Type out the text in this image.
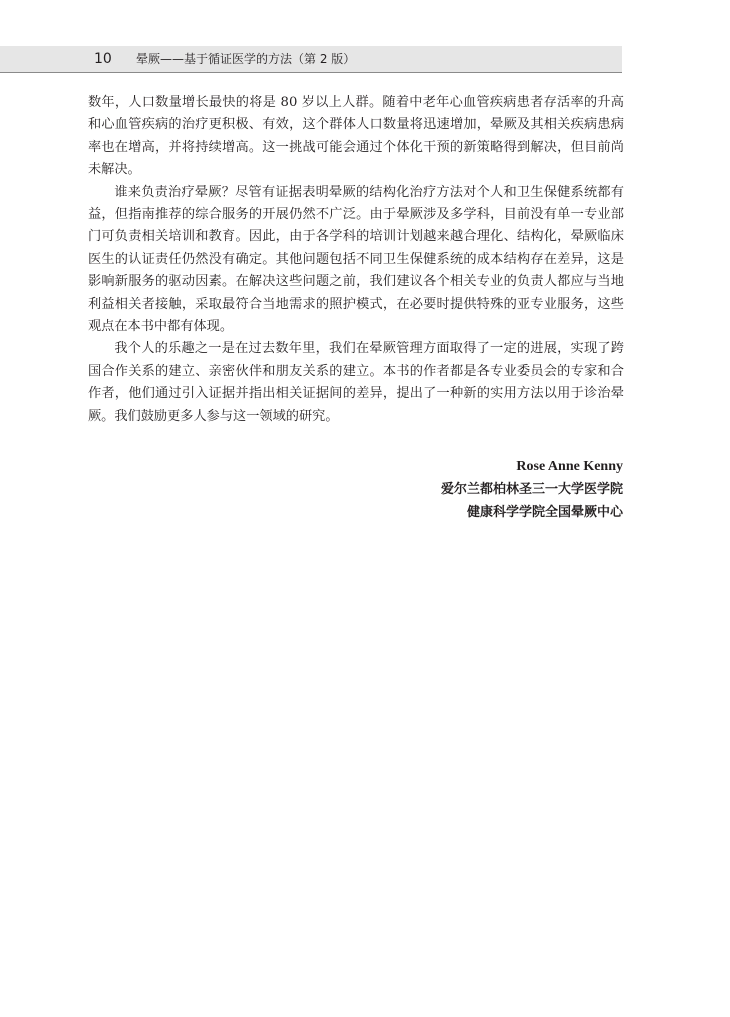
10 晕厥——基于循证医学的方法（第 2 版）

数年，人口数量增长最快的将是 80 岁以上人群。随着中老年心血管疾病患者存活率的升高和心血管疾病的治疗更积极、有效，这个群体人口数量将迅速增加，晕厥及其相关疾病患病率也在增高，并将持续增高。这一挑战可能会通过个体化干预的新策略得到解决，但目前尚未解决。

谁来负责治疗晕厥？尽管有证据表明晕厥的结构化治疗方法对个人和卫生保健系统都有益，但指南推荐的综合服务的开展仍然不广泛。由于晕厥涉及多学科，目前没有单一专业部门可负责相关培训和教育。因此，由于各学科的培训计划越来越合理化、结构化，晕厥临床医生的认证责任仍然没有确定。其他问题包括不同卫生保健系统的成本结构存在差异，这是影响新服务的驱动因素。在解决这些问题之前，我们建议各个相关专业的负责人都应与当地利益相关者接触，采取最符合当地需求的照护模式，在必要时提供特殊的亚专业服务，这些观点在本书中都有体现。

我个人的乐趣之一是在过去数年里，我们在晕厥管理方面取得了一定的进展，实现了跨国合作关系的建立、亲密伙伴和朋友关系的建立。本书的作者都是各专业委员会的专家和合作者，他们通过引入证据并指出相关证据间的差异，提出了一种新的实用方法以用于诊治晕厥。我们鼓励更多人参与这一领域的研究。

Rose Anne Kenny
爱尔兰都柏林圣三一大学医学院
健康科学学院全国晕厥中心
